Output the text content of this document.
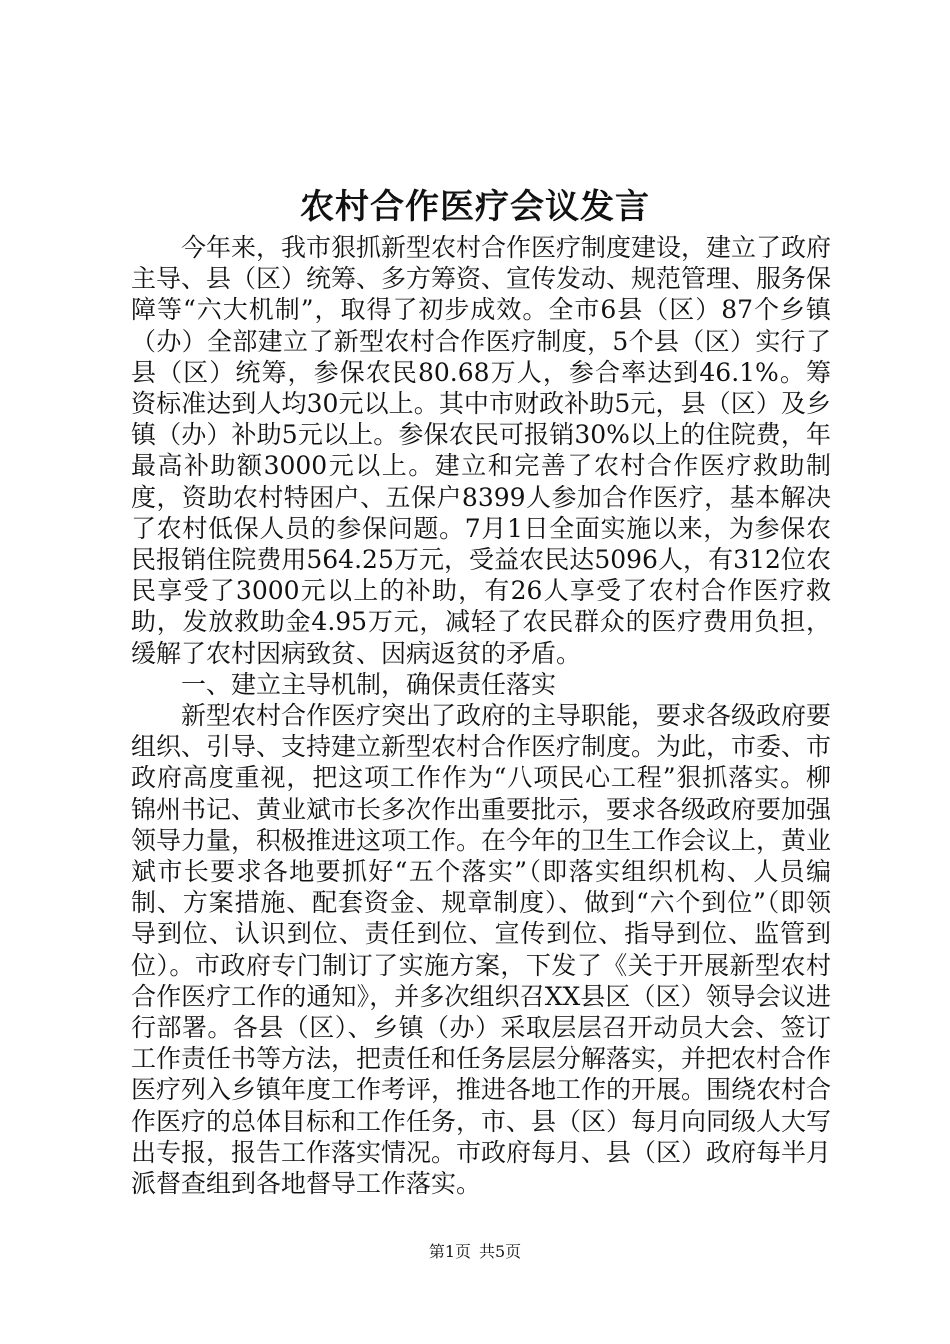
农村合作医疗会议发言

今年来，我市狠抓新型农村合作医疗制度建设，建立了政府主导、县（区）统筹、多方筹资、宣传发动、规范管理、服务保障等“六大机制”，取得了初步成效。全市6县（区）87个乡镇（办）全部建立了新型农村合作医疗制度，5个县（区）实行了县（区）统筹，参保农民80.68万人，参合率达到46.1%。筹资标准达到人均30元以上。其中市财政补助5元，县（区）及乡镇（办）补助5元以上。参保农民可报销30%以上的住院费，年最高补助额3000元以上。建立和完善了农村合作医疗救助制度，资助农村特困户、五保户8399人参加合作医疗，基本解决了农村低保人员的参保问题。7月1日全面实施以来，为参保农民报销住院费用564.25万元，受益农民达5096人，有312位农民享受了3000元以上的补助，有26人享受了农村合作医疗救助，发放救助金4.95万元，减轻了农民群众的医疗费用负担，缓解了农村因病致贫、因病返贫的矛盾。

一、建立主导机制，确保责任落实

新型农村合作医疗突出了政府的主导职能，要求各级政府要组织、引导、支持建立新型农村合作医疗制度。为此，市委、市政府高度重视，把这项工作作为“八项民心工程”狠抓落实。柳锦州书记、黄业斌市长多次作出重要批示，要求各级政府要加强领导力量，积极推进这项工作。在今年的卫生工作会议上，黄业斌市长要求各地要抓好“五个落实”（即落实组织机构、人员编制、方案措施、配套资金、规章制度）、做到“六个到位”（即领导到位、认识到位、责任到位、宣传到位、指导到位、监管到位）。市政府专门制订了实施方案，下发了《关于开展新型农村合作医疗工作的通知》，并多次组织召XX县区（区）领导会议进行部署。各县（区）、乡镇（办）采取层层召开动员大会、签订工作责任书等方法，把责任和任务层层分解落实，并把农村合作医疗列入乡镇年度工作考评，推进各地工作的开展。围绕农村合作医疗的总体目标和工作任务，市、县（区）每月向同级人大写出专报，报告工作落实情况。市政府每月、县（区）政府每半月派督查组到各地督导工作落实。

第1页 共5页
